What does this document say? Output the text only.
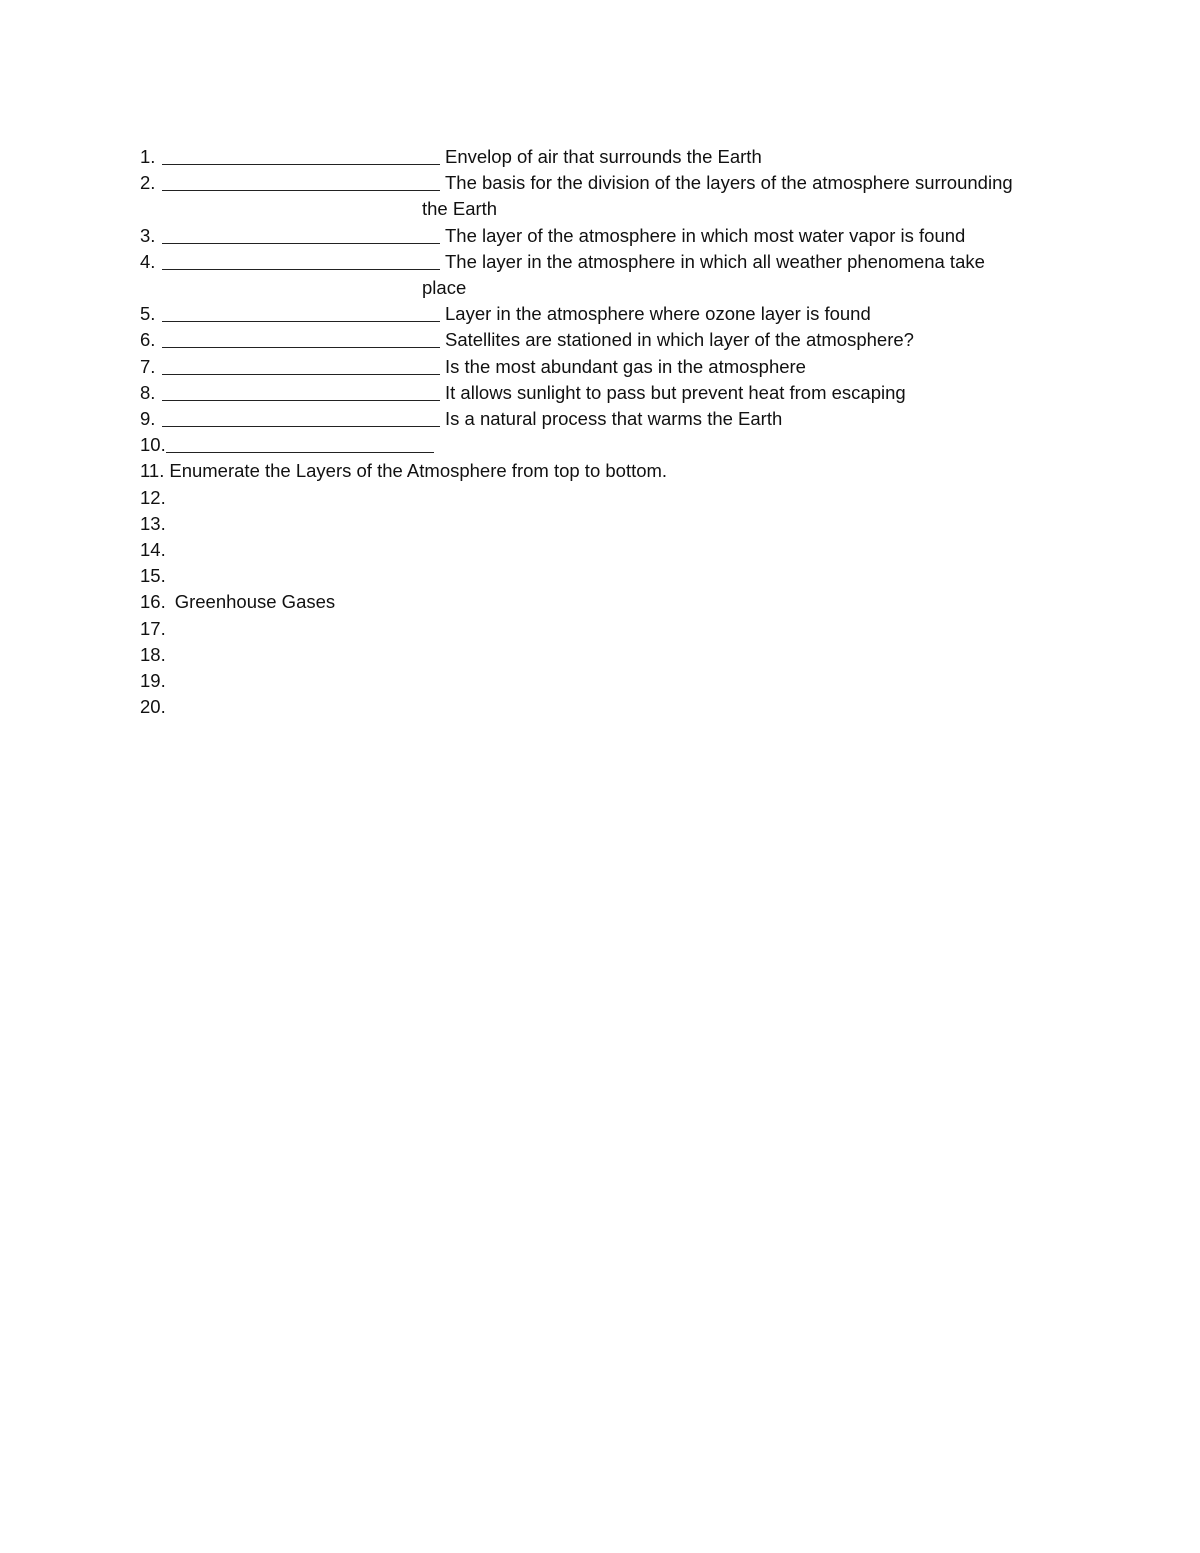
1.	Envelop of air that surrounds the Earth
2.	The basis for the division of the layers of the atmosphere surrounding
the Earth
3.	The layer of the atmosphere in which most water vapor is found
4.	The layer in the atmosphere in which all weather phenomena take
place
5.	Layer in the atmosphere where ozone layer is found
6.	Satellites are stationed in which layer of the atmosphere?
7.	Is the most abundant gas in the atmosphere
8.	It allows sunlight to pass but prevent heat from escaping
9.	Is a natural process that warms the Earth
10.
11. Enumerate the Layers of the Atmosphere from top to bottom.
12.
13.
14.
15.
16. Greenhouse Gases
17.
18.
19.
20.
